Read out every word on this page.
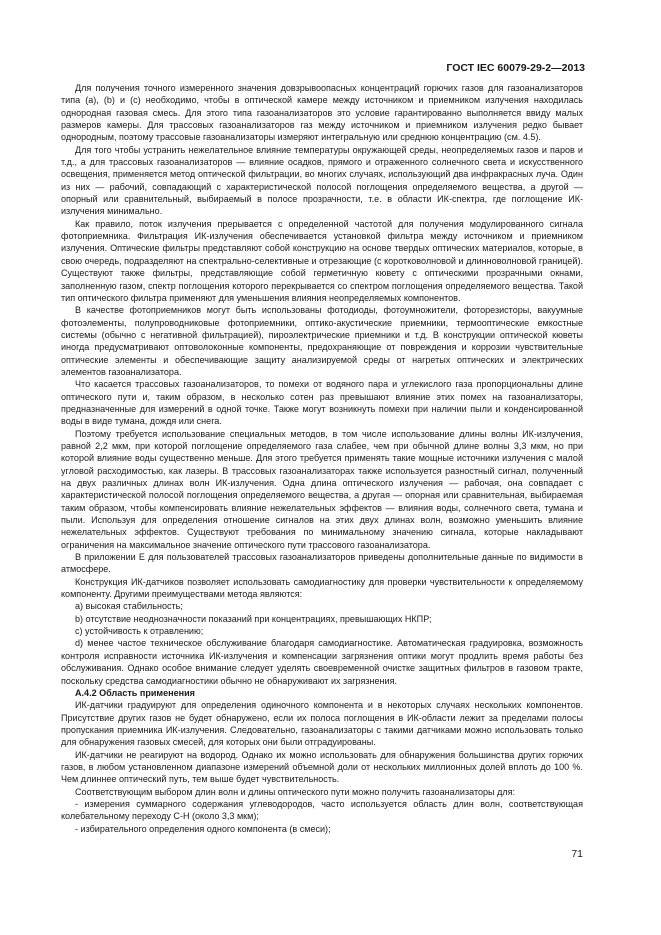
ГОСТ IEC 60079-29-2—2013

Для получения точного измеренного значения довзрывоопасных концентраций горючих газов для газоанализаторов типа (а), (b) и (с) необходимо, чтобы в оптической камере между источником и приемником излучения находилась однородная газовая смесь. Для этого типа газоанализаторов это условие гарантированно выполняется ввиду малых размеров камеры. Для трассовых газоанализаторов газ между источником и приемником излучения редко бывает однородным, поэтому трассовые газоанализаторы измеряют интегральную или среднюю концентрацию (см. 4.5).

Для того чтобы устранить нежелательное влияние температуры окружающей среды, неопределяемых газов и паров и т.д., а для трассовых газоанализаторов — влияние осадков, прямого и отраженного солнечного света и искусственного освещения, применяется метод оптической фильтрации, во многих случаях, использующий два инфракрасных луча. Один из них — рабочий, совпадающий с характеристической полосой поглощения определяемого вещества, а другой — опорный или сравнительный, выбираемый в полосе прозрачности, т.е. в области ИК-спектра, где поглощение ИК-излучения минимально.

Как правило, поток излучения прерывается с определенной частотой для получения модулированного сигнала фотоприемника. Фильтрация ИК-излучения обеспечивается установкой фильтра между источником и приемником излучения. Оптические фильтры представляют собой конструкцию на основе твердых оптических материалов, которые, в свою очередь, подразделяют на спектрально-селективные и отрезающие (с коротковолновой и длинноволновой границей). Существуют также фильтры, представляющие собой герметичную кювету с оптическими прозрачными окнами, заполненную газом, спектр поглощения которого перекрывается со спектром поглощения определяемого вещества. Такой тип оптического фильтра применяют для уменьшения влияния неопределяемых компонентов.

В качестве фотоприемников могут быть использованы фотодиоды, фотоумножители, фоторезисторы, вакуумные фотоэлементы, полупроводниковые фотоприемники, оптико-акустические приемники, термооптические емкостные системы (обычно с негативной фильтрацией), пироэлектрические приемники и т.д. В конструкции оптической кюветы иногда предусматривают оптоволоконные компоненты, предохраняющие от повреждения и коррозии чувствительные оптические элементы и обеспечивающие защиту анализируемой среды от нагретых оптических и электрических элементов газоанализатора.

Что касается трассовых газоанализаторов, то помехи от водяного пара и углекислого газа пропорциональны длине оптического пути и, таким образом, в несколько сотен раз превышают влияние этих помех на газоанализаторы, предназначенные для измерений в одной точке. Также могут возникнуть помехи при наличии пыли и конденсированной воды в виде тумана, дождя или снега.

Поэтому требуется использование специальных методов, в том числе использование длины волны ИК-излучения, равной 2,2 мкм, при которой поглощение определяемого газа слабее, чем при обычной длине волны 3,3 мкм, но при которой влияние воды существенно меньше. Для этого требуется применять такие мощные источники излучения с малой угловой расходимостью, как лазеры. В трассовых газоанализаторах также используется разностный сигнал, полученный на двух различных длинах волн ИК-излучения. Одна длина оптического излучения — рабочая, она совпадает с характеристической полосой поглощения определяемого вещества, а другая — опорная или сравнительная, выбираемая таким образом, чтобы компенсировать влияние нежелательных эффектов — влияния воды, солнечного света, тумана и пыли. Используя для определения отношение сигналов на этих двух длинах волн, возможно уменьшить влияние нежелательных эффектов. Существуют требования по минимальному значению сигнала, которые накладывают ограничения на максимальное значение оптического пути трассового газоанализатора.

В приложении Е для пользователей трассовых газоанализаторов приведены дополнительные данные по видимости в атмосфере.

Конструкция ИК-датчиков позволяет использовать самодиагностику для проверки чувствительности к определяемому компоненту. Другими преимуществами метода являются:

a) высокая стабильность;

b) отсутствие неоднозначности показаний при концентрациях, превышающих НКПР;

c) устойчивость к отравлению;

d) менее частое техническое обслуживание благодаря самодиагностике. Автоматическая градуировка, возможность контроля исправности источника ИК-излучения и компенсации загрязнения оптики могут продлить время работы без обслуживания. Однако особое внимание следует уделять своевременной очистке защитных фильтров в газовом тракте, поскольку средства самодиагностики обычно не обнаруживают их загрязнения.

А.4.2 Область применения

ИК-датчики градуируют для определения одиночного компонента и в некоторых случаях нескольких компонентов. Присутствие других газов не будет обнаружено, если их полоса поглощения в ИК-области лежит за пределами полосы пропускания приемника ИК-излучения. Следовательно, газоанализаторы с такими датчиками можно использовать только для обнаружения газовых смесей, для которых они были отградуированы.

ИК-датчики не реагируют на водород. Однако их можно использовать для обнаружения большинства других горючих газов, в любом установленном диапазоне измерений объемной доли от нескольких миллионных долей вплоть до 100 %. Чем длиннее оптический путь, тем выше будет чувствительность.

Соответствующим выбором длин волн и длины оптического пути можно получить газоанализаторы для:

- измерения суммарного содержания углеводородов, часто используется область длин волн, соответствующая колебательному переходу С-Н (около 3,3 мкм);

- избирательного определения одного компонента (в смеси);

71
